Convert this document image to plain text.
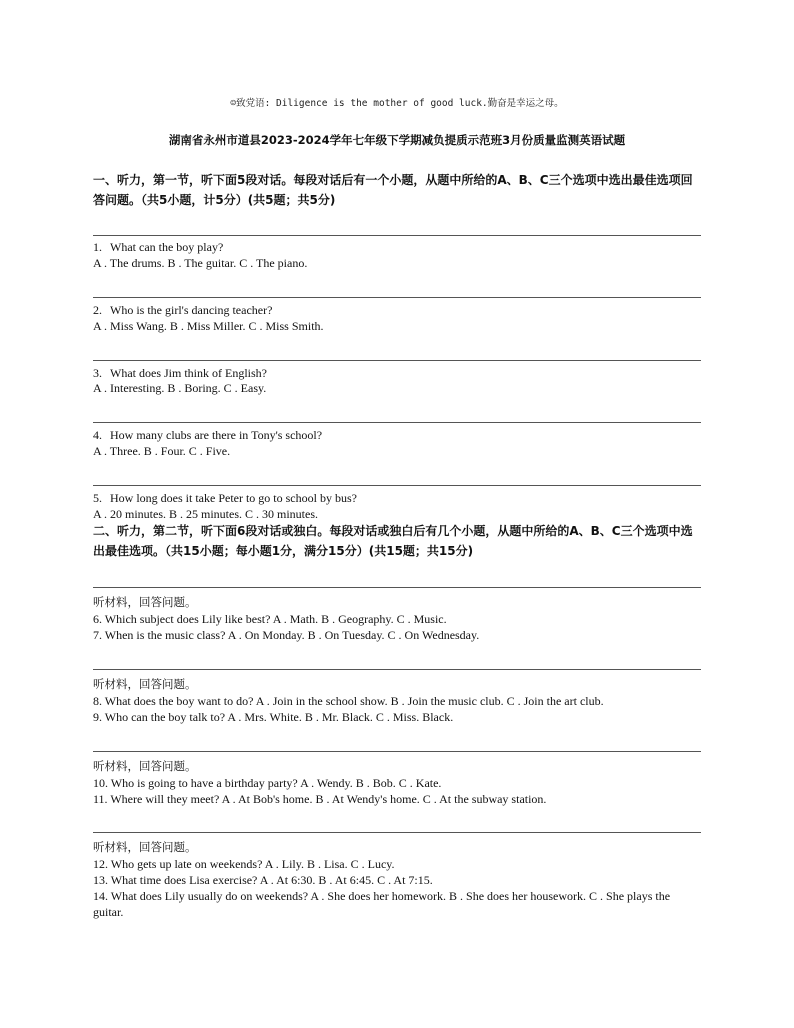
☺致党语: Diligence is the mother of good luck.勤奋是幸运之母。
湖南省永州市道县2023-2024学年七年级下学期减负提质示范班3月份质量监测英语试题
一、听力，第一节，听下面5段对话。每段对话后有一个小题，从题中所给的A、B、C三个选项中选出最佳选项回答问题。（共5小题，计5分）(共5题；共5分)
1. What can the boy play?
A . The drums. B . The guitar. C . The piano.
2. Who is the girl's dancing teacher?
A . Miss Wang. B . Miss Miller. C . Miss Smith.
3. What does Jim think of English?
A . Interesting. B . Boring. C . Easy.
4. How many clubs are there in Tony's school?
A . Three. B . Four. C . Five.
5. How long does it take Peter to go to school by bus?
A . 20 minutes. B . 25 minutes. C . 30 minutes.
二、听力，第二节，听下面6段对话或独白。每段对话或独白后有几个小题，从题中所给的A、B、C三个选项中选出最佳选项。（共15小题；每小题1分，满分15分）(共15题；共15分)
听材料，回答问题。
6. Which subject does Lily like best? A . Math. B . Geography. C . Music.
7. When is the music class? A . On Monday. B . On Tuesday. C . On Wednesday.
听材料，回答问题。
8. What does the boy want to do? A . Join in the school show. B . Join the music club. C . Join the art club.
9. Who can the boy talk to? A . Mrs. White. B . Mr. Black. C . Miss. Black.
听材料，回答问题。
10. Who is going to have a birthday party? A . Wendy. B . Bob. C . Kate.
11. Where will they meet? A . At Bob's home. B . At Wendy's home. C . At the subway station.
听材料，回答问题。
12. Who gets up late on weekends? A . Lily. B . Lisa. C . Lucy.
13. What time does Lisa exercise? A . At 6:30. B . At 6:45. C . At 7:15.
14. What does Lily usually do on weekends? A . She does her homework. B . She does her housework. C . She plays the guitar.
